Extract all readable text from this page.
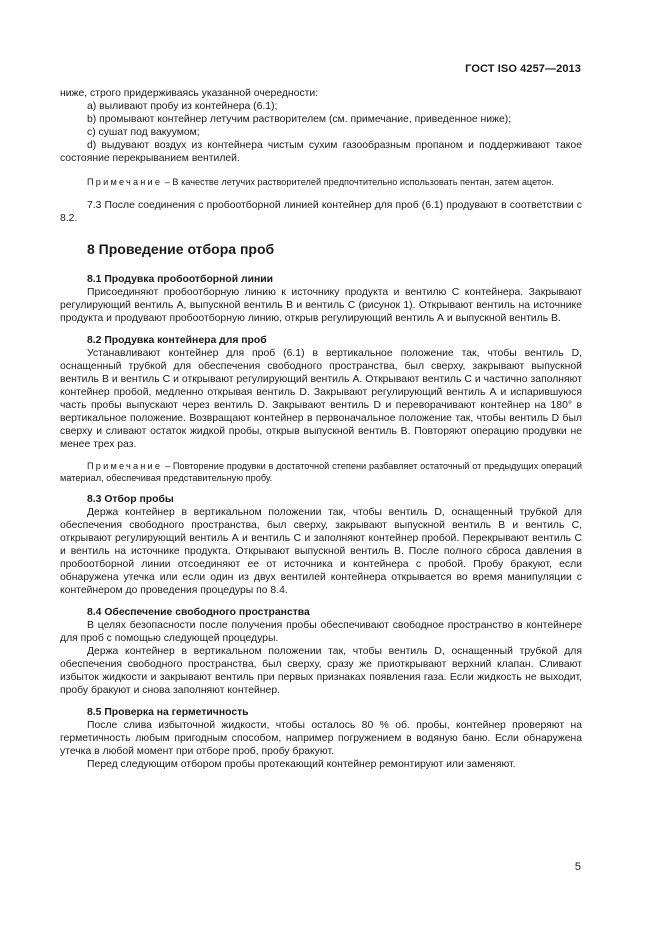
ГОСТ ISO 4257—2013

ниже, строго придерживаясь указанной очередности:

а) выливают пробу из контейнера (6.1);

b) промывают контейнер летучим растворителем (см. примечание, приведенное ниже);

c) сушат под вакуумом;

d) выдувают воздух из контейнера чистым сухим газообразным пропаном и поддерживают такое состояние перекрыванием вентилей.

Примечание – В качестве летучих растворителей предпочтительно использовать пентан, затем ацетон.

7.3 После соединения с пробоотборной линией контейнер для проб (6.1) продувают в соответствии с 8.2.

8 Проведение отбора проб

8.1 Продувка пробоотборной линии

Присоединяют пробоотборную линию к источнику продукта и вентилю С контейнера. Закрывают регулирующий вентиль А, выпускной вентиль В и вентиль С (рисунок 1). Открывают вентиль на источнике продукта и продувают пробоотборную линию, открыв регулирующий вентиль А и выпускной вентиль В.

8.2 Продувка контейнера для проб

Устанавливают контейнер для проб (6.1) в вертикальное положение так, чтобы вентиль D, оснащенный трубкой для обеспечения свободного пространства, был сверху, закрывают выпускной вентиль В и вентиль С и открывают регулирующий вентиль А. Открывают вентиль С и частично заполняют контейнер пробой, медленно открывая вентиль D. Закрывают регулирующий вентиль А и испарившуюся часть пробы выпускают через вентиль D. Закрывают вентиль D и переворачивают контейнер на 180° в вертикальное положение. Возвращают контейнер в первоначальное положение так, чтобы вентиль D был сверху и сливают остаток жидкой пробы, открыв выпускной вентиль В. Повторяют операцию продувки не менее трех раз.

Примечание – Повторение продувки в достаточной степени разбавляет остаточный от предыдущих операций материал, обеспечивая представительную пробу.

8.3 Отбор пробы

Держа контейнер в вертикальном положении так, чтобы вентиль D, оснащенный трубкой для обеспечения свободного пространства, был сверху, закрывают выпускной вентиль В и вентиль С, открывают регулирующий вентиль А и вентиль С и заполняют контейнер пробой. Перекрывают вентиль С и вентиль на источнике продукта. Открывают выпускной вентиль В. После полного сброса давления в пробоотборной линии отсоединяют ее от источника и контейнера с пробой. Пробу бракуют, если обнаружена утечка или если один из двух вентилей контейнера открывается во время манипуляции с контейнером до проведения процедуры по 8.4.

8.4 Обеспечение свободного пространства

В целях безопасности после получения пробы обеспечивают свободное пространство в контейнере для проб с помощью следующей процедуры.

Держа контейнер в вертикальном положении так, чтобы вентиль D, оснащенный трубкой для обеспечения свободного пространства, был сверху, сразу же приоткрывают верхний клапан. Сливают избыток жидкости и закрывают вентиль при первых признаках появления газа. Если жидкость не выходит, пробу бракуют и снова заполняют контейнер.

8.5 Проверка на герметичность

После слива избыточной жидкости, чтобы осталось 80 % об. пробы, контейнер проверяют на герметичность любым пригодным способом, например погружением в водяную баню. Если обнаружена утечка в любой момент при отборе проб, пробу бракуют.

Перед следующим отбором пробы протекающий контейнер ремонтируют или заменяют.

5
